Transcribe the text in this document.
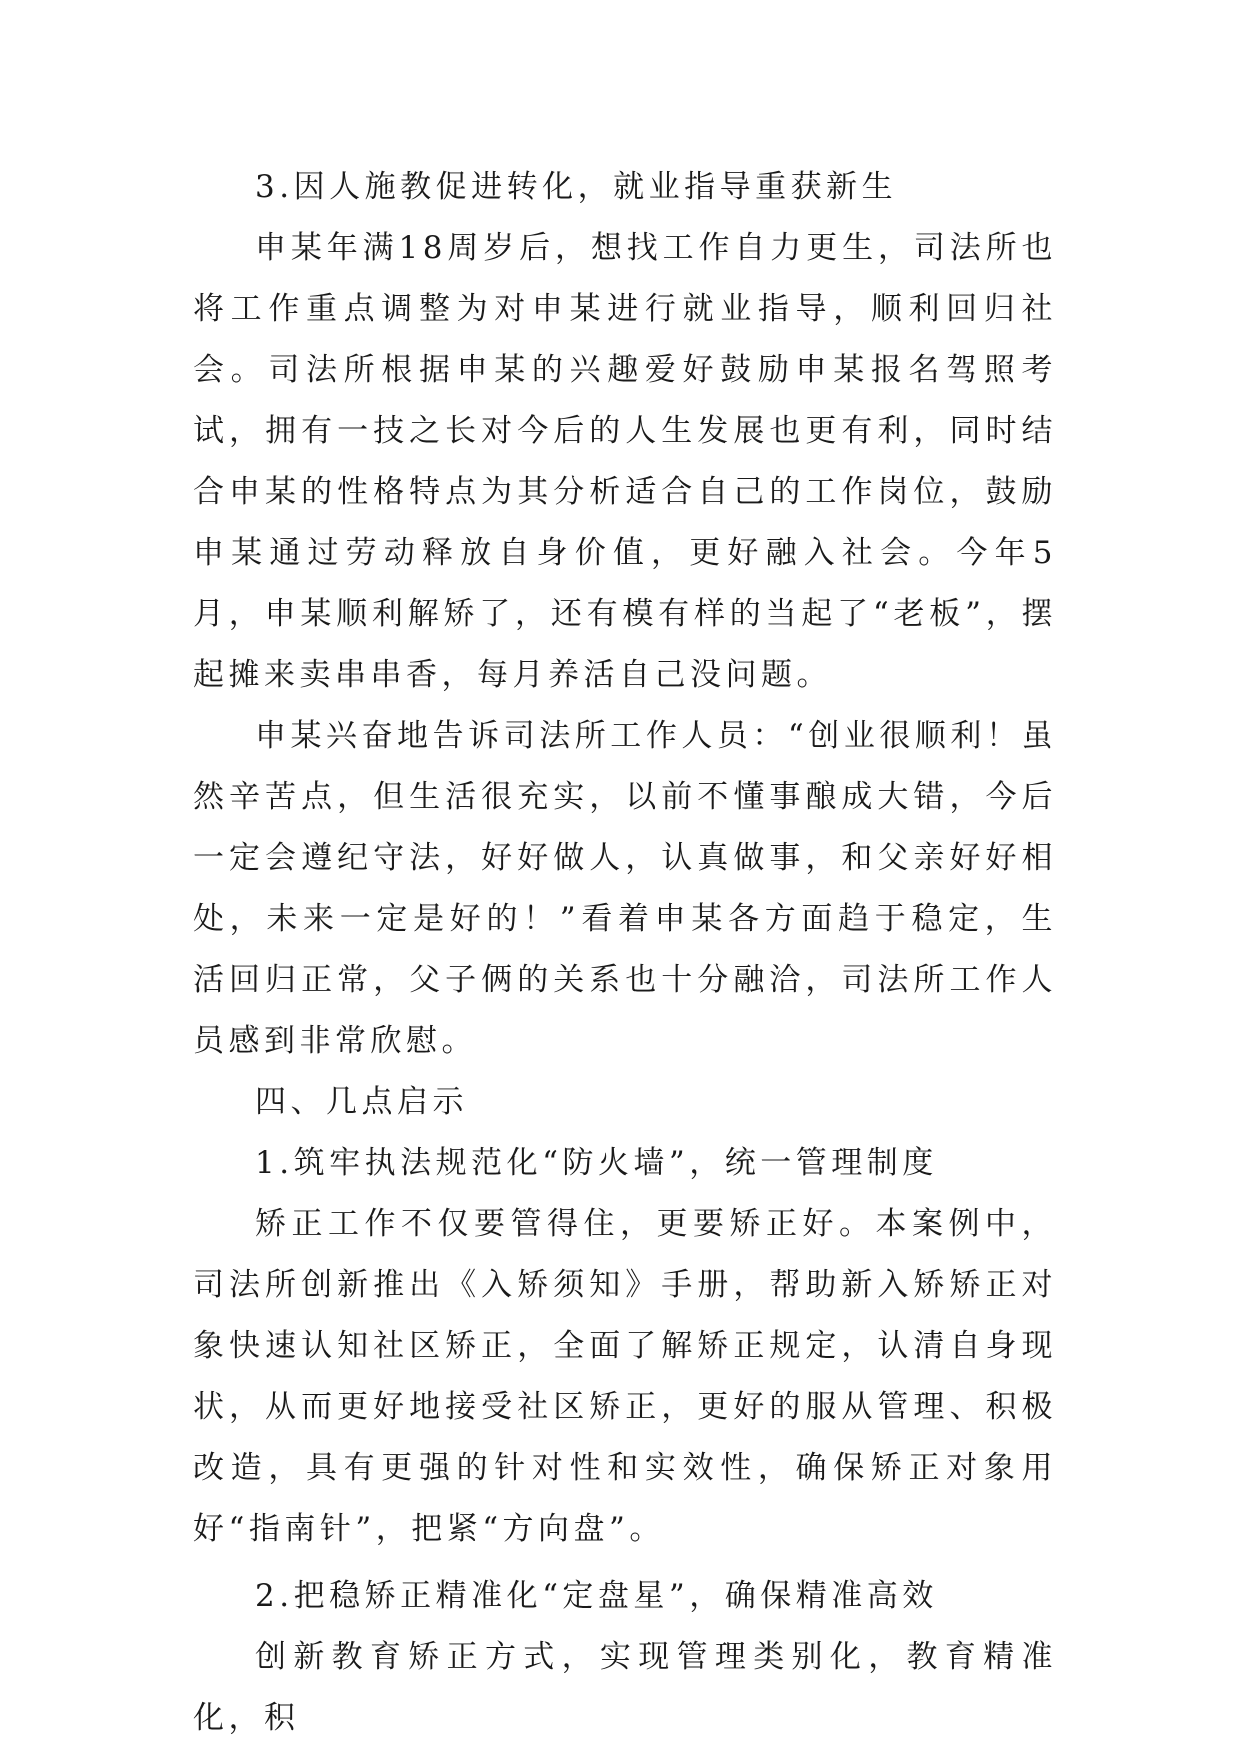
3.因人施教促进转化，就业指导重获新生

申某年满18周岁后，想找工作自力更生，司法所也将工作重点调整为对申某进行就业指导，顺利回归社会。司法所根据申某的兴趣爱好鼓励申某报名驾照考试，拥有一技之长对今后的人生发展也更有利，同时结合申某的性格特点为其分析适合自己的工作岗位，鼓励申某通过劳动释放自身价值，更好融入社会。今年5月，申某顺利解矫了，还有模有样的当起了“老板”，摆起摊来卖串串香，每月养活自己没问题。

申某兴奋地告诉司法所工作人员：“创业很顺利！虽然辛苦点，但生活很充实，以前不懂事酿成大错，今后一定会遵纪守法，好好做人，认真做事，和父亲好好相处，未来一定是好的！”看着申某各方面趋于稳定，生活回归正常，父子俩的关系也十分融洽，司法所工作人员感到非常欣慰。

四、几点启示

1.筑牢执法规范化“防火墙”，统一管理制度

矫正工作不仅要管得住，更要矫正好。本案例中，司法所创新推出《入矫须知》手册，帮助新入矫矫正对象快速认知社区矫正，全面了解矫正规定，认清自身现状，从而更好地接受社区矫正，更好的服从管理、积极改造，具有更强的针对性和实效性，确保矫正对象用好“指南针”，把紧“方向盘”。

2.把稳矫正精准化“定盘星”，确保精准高效

创新教育矫正方式，实现管理类别化，教育精准化，积
